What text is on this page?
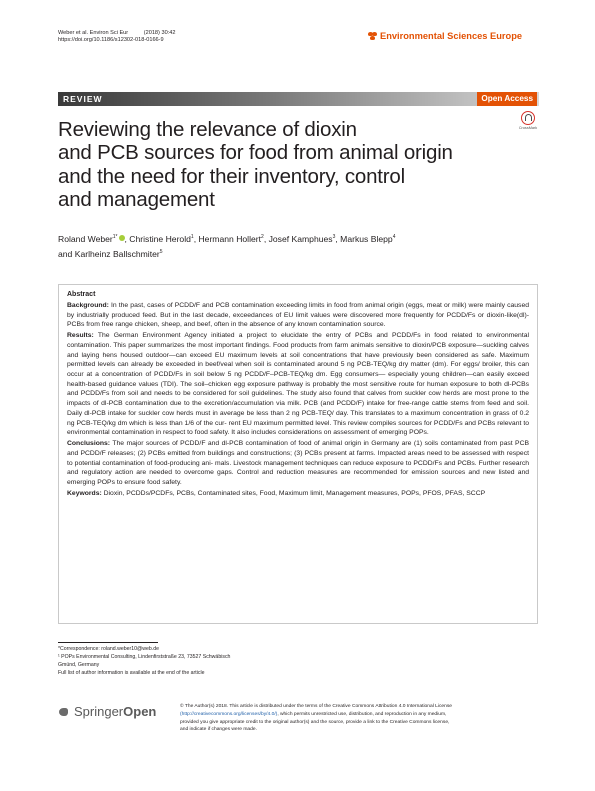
Weber et al. Environ Sci Eur	(2018) 30:42
https://doi.org/10.1186/s12302-018-0166-9	Environmental Sciences Europe
REVIEW	Open Access
CrossMark
Reviewing the relevance of dioxin
and PCB sources for food from animal origin
and the need for their inventory, control
and management
Roland Weber$^{1*}$ , Christine Herold$^1$, Hermann Hollert$^2$, Josef Kamphues$^3$, Markus Blepp$^4$
and Karlheinz Ballschmiter$^5$

Abstract

Background: In the past, cases of PCDD/F and PCB contamination exceeding limits in food from animal origin (eggs, meat or milk) were mainly caused by industrially produced feed. But in the last decade, exceedances of EU limit values were discovered more frequently for PCDD/Fs or dioxin-like(dl)-PCBs from free range chicken, sheep, and beef, often in the absence of any known contamination source.

Results: The German Environment Agency initiated a project to elucidate the entry of PCBs and PCDD/Fs in food related to environmental contamination. This paper summarizes the most important findings. Food products from farm animals sensitive to dioxin/PCB exposure—suckling calves and laying hens housed outdoor—can exceed EU maximum levels at soil concentrations that have previously been considered as safe. Maximum permitted levels can already be exceeded in beef/veal when soil is contaminated around 5 ng PCB-TEQ/kg dry matter (dm). For eggs/ broiler, this can occur at a concentration of PCDD/Fs in soil below 5 ng PCDD/F–PCB-TEQ/kg dm. Egg consumers— especially young children—can easily exceed health-based guidance values (TDI). The soil–chicken egg exposure pathway is probably the most sensitive route for human exposure to both dl-PCBs and PCDD/Fs from soil and needs to be considered for soil guidelines. The study also found that calves from suckler cow herds are most prone to the impacts of dl-PCB contamination due to the excretion/accumulation via milk. PCB (and PCDD/F) intake for free-range cattle stems from feed and soil. Daily dl-PCB intake for suckler cow herds must in average be less than 2 ng PCB-TEQ/ day. This translates to a maximum concentration in grass of 0.2 ng PCB-TEQ/kg dm which is less than 1/6 of the cur- rent EU maximum permitted level. This review compiles sources for PCDD/Fs and PCBs relevant to environmental contamination in respect to food safety. It also includes considerations on assessment of emerging POPs.

Conclusions: The major sources of PCDD/F and dl-PCB contamination of food of animal origin in Germany are (1) soils contaminated from past PCB and PCDD/F releases; (2) PCBs emitted from buildings and constructions; (3) PCBs present at farms. Impacted areas need to be assessed with respect to potential contamination of food-producing ani- mals. Livestock management techniques can reduce exposure to PCDD/Fs and PCBs. Further research and regulatory action are needed to overcome gaps. Control and reduction measures are recommended for emission sources and new listed and emerging POPs to ensure food safety.

Keywords: Dioxin, PCDDs/PCDFs, PCBs, Contaminated sites, Food, Maximum limit, Management measures, POPs, PFOS, PFAS, SCCP

*Correspondence: roland.weber10@web.de
¹ POPs Environmental Consulting, Lindenfirststraße 23, 73527 Schwäbisch
Gmünd, Germany
Full list of author information is available at the end of the article
SpringerOpen	© The Author(s) 2018. This article is distributed under the terms of the Creative Commons Attribution 4.0 International License
(http://creativecommons.org/licenses/by/4.0/), which permits unrestricted use, distribution, and reproduction in any medium,
provided you give appropriate credit to the original author(s) and the source, provide a link to the Creative Commons license,
and indicate if changes were made.
